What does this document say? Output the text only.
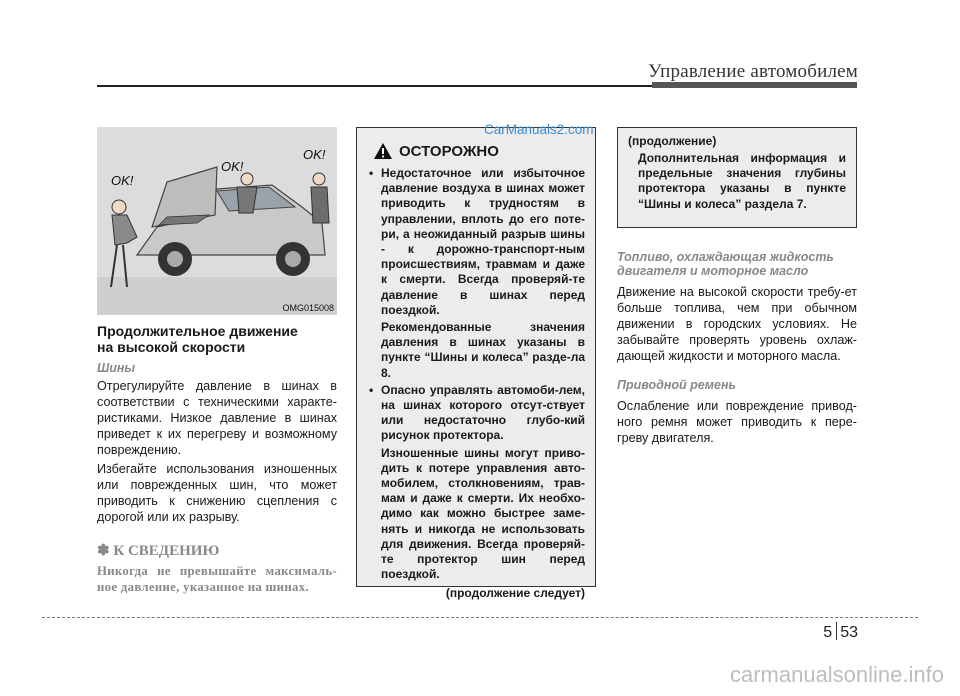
Управление автомобилем
OK!
OK!
OK!
OMG015008
Продолжительное движение
на высокой скорости
Шины
Отрегулируйте давление в шинах в соответствии с техническими характе-ристиками. Низкое давление в шинах приведет к их перегреву и возможному повреждению.
Избегайте использования изношенных или поврежденных шин, что может приводить к снижению сцепления с дорогой или их разрыву.
✽ К СВЕДЕНИЮ
Никогда не превышайте максималь-ное давление, указанное на шинах.
ОСТОРОЖНО
• Недостаточное или избыточное давление воздуха в шинах может приводить к трудностям в управлении, вплоть до его поте-ри, а неожиданный разрыв шины - к дорожно-транспорт-ным происшествиям, травмам и даже к смерти. Всегда проверяй-те давление в шинах перед поездкой.

Рекомендованные значения давления в шинах указаны в пункте “Шины и колеса” разде-ла 8.

• Опасно управлять автомоби-лем, на шинах которого отсут-ствует или недостаточно глубо-кий рисунок протектора.

Изношенные шины могут приво-дить к потере управления авто-мобилем, столкновениям, трав-мам и даже к смерти. Их необхо-димо как можно быстрее заме-нять и никогда не использовать для движения. Всегда проверяй-те протектор шин перед поездкой.

(продолжение следует)
CarManuals2.com
(продолжение)
Дополнительная информация и предельные значения глубины протектора указаны в пункте “Шины и колеса” раздела 7.
Топливо, охлаждающая жидкость двигателя и моторное масло
Движение на высокой скорости требу-ет больше топлива, чем при обычном движении в городских условиях. Не забывайте проверять уровень охлаж-дающей жидкости и моторного масла.
Приводной ремень
Ослабление или повреждение привод-ного ремня может приводить к пере-греву двигателя.
5 53
carmanualsonline.info
